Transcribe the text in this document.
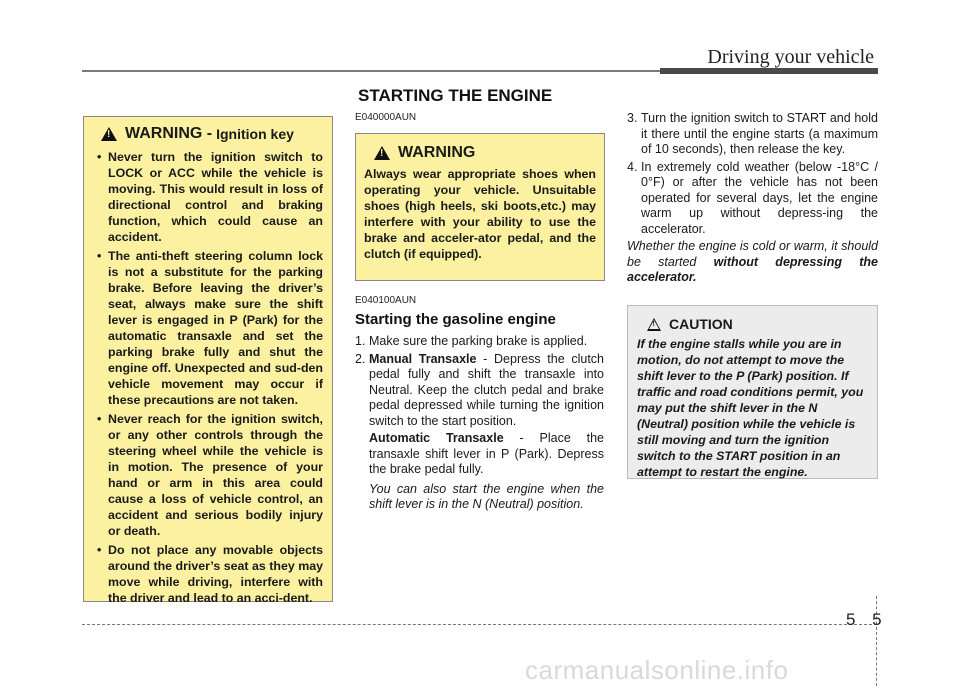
Driving your vehicle
STARTING THE ENGINE
!
WARNING - Ignition key
• Never turn the ignition switch to LOCK or ACC while the vehicle is moving. This would result in loss of directional control and braking function, which could cause an accident.
• The anti-theft steering column lock is not a substitute for the parking brake. Before leaving the driver’s seat, always make sure the shift lever is engaged in P (Park) for the automatic transaxle and set the parking brake fully and shut the engine off. Unexpected and sud-den vehicle movement may occur if these precautions are not taken.
• Never reach for the ignition switch, or any other controls through the steering wheel while the vehicle is in motion. The presence of your hand or arm in this area could cause a loss of vehicle control, an accident and serious bodily injury or death.
• Do not place any movable objects around the driver’s seat as they may move while driving, interfere with the driver and lead to an acci-dent.
E040000AUN
!
WARNING
Always wear appropriate shoes when operating your vehicle. Unsuitable shoes (high heels, ski boots,etc.) may interfere with your ability to use the brake and acceler-ator pedal, and the clutch (if equipped).
E040100AUN
Starting the gasoline engine
1. Make sure the parking brake is applied.
2. Manual Transaxle - Depress the clutch pedal fully and shift the transaxle into Neutral. Keep the clutch pedal and brake pedal depressed while turning the ignition switch to the start position.
Automatic Transaxle - Place the transaxle shift lever in P (Park). Depress the brake pedal fully.
You can also start the engine when the shift lever is in the N (Neutral) position.
3. Turn the ignition switch to START and hold it there until the engine starts (a maximum of 10 seconds), then release the key.
4. In extremely cold weather (below -18°C / 0°F) or after the vehicle has not been operated for several days, let the engine warm up without depress-ing the accelerator.
Whether the engine is cold or warm, it should be started without depressing the accelerator.
!
CAUTION
If the engine stalls while you are in motion, do not attempt to move the shift lever to the P (Park) position. If traffic and road conditions permit, you may put the shift lever in the N (Neutral) position while the vehicle is still moving and turn the ignition switch to the START position in an attempt to restart the engine.
5 5
carmanualsonline.info
